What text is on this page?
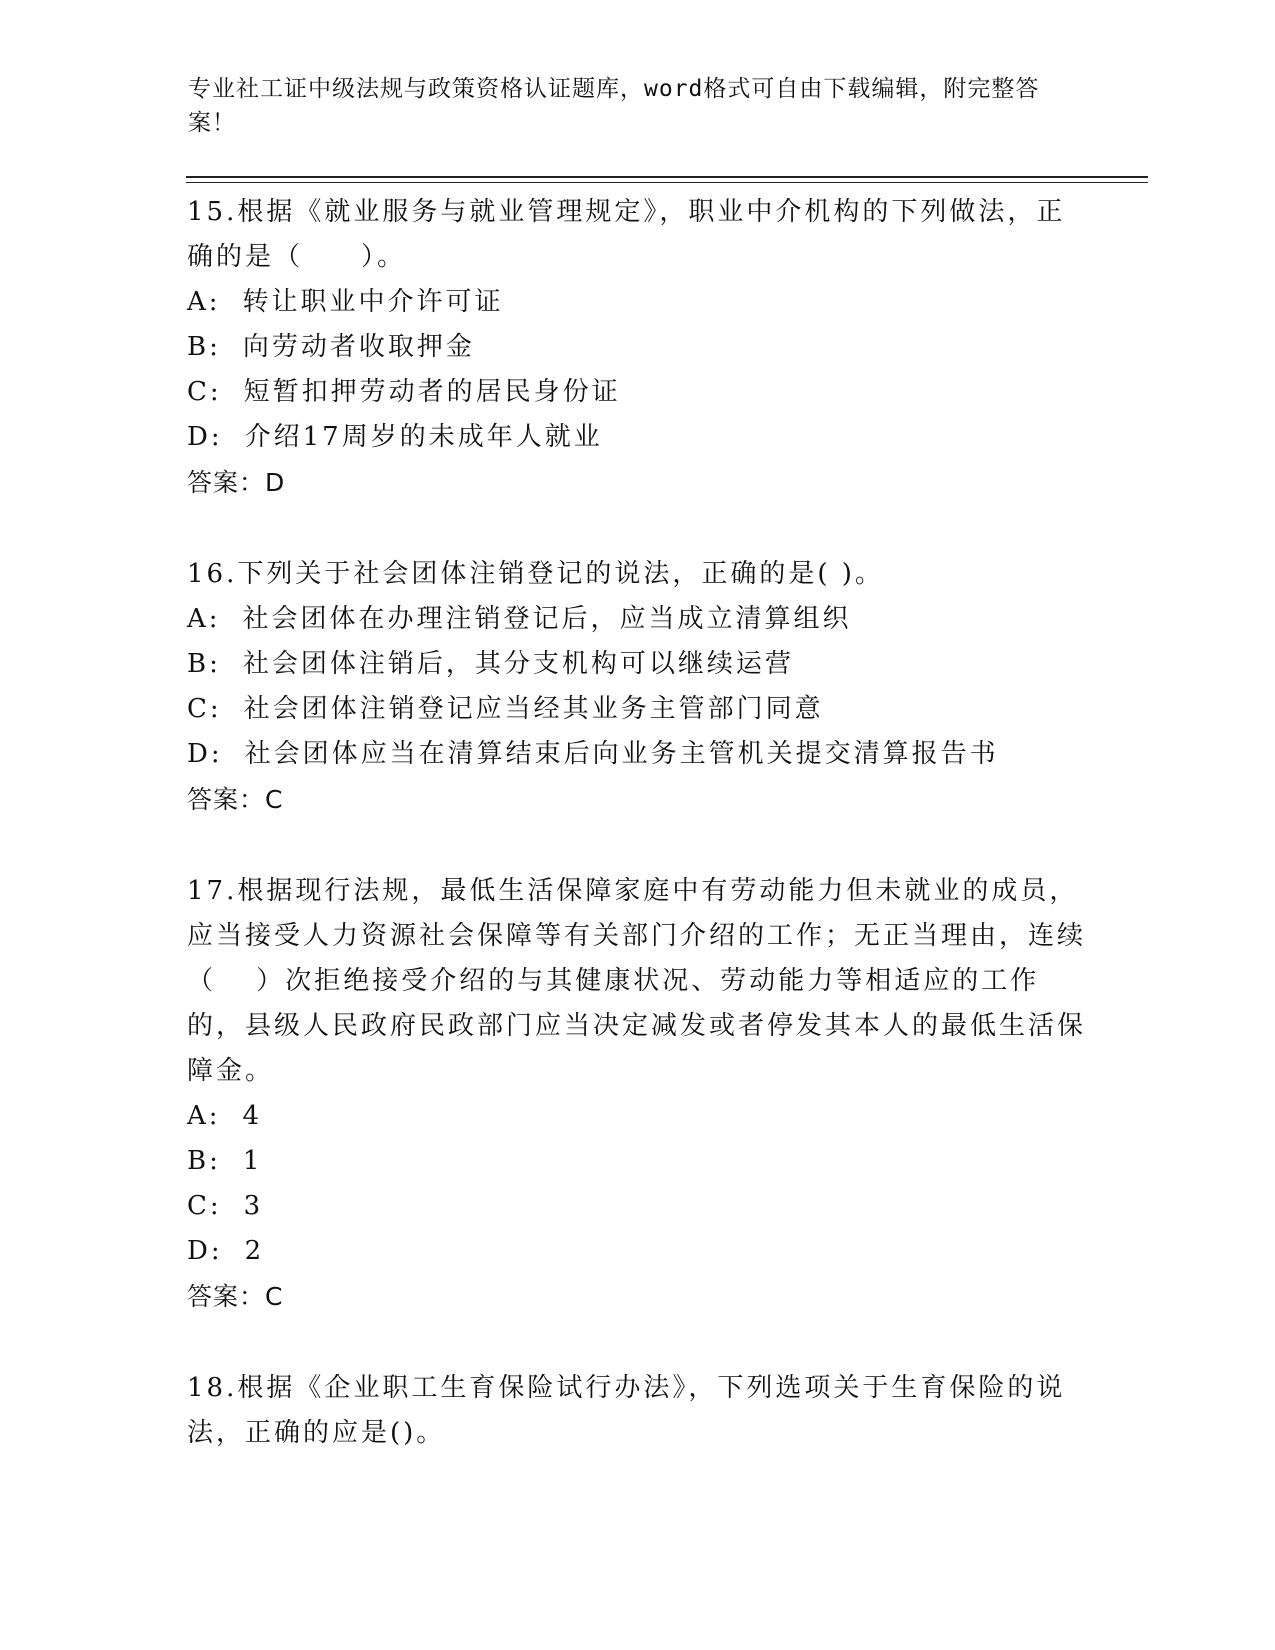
专业社工证中级法规与政策资格认证题库，word格式可自由下载编辑，附完整答案！
15.根据《就业服务与就业管理规定》，职业中介机构的下列做法，正确的是（　　）。
A: 转让职业中介许可证
B: 向劳动者收取押金
C: 短暂扣押劳动者的居民身份证
D: 介绍17周岁的未成年人就业
答案：D
16.下列关于社会团体注销登记的说法，正确的是( )。
A: 社会团体在办理注销登记后，应当成立清算组织
B: 社会团体注销后，其分支机构可以继续运营
C: 社会团体注销登记应当经其业务主管部门同意
D: 社会团体应当在清算结束后向业务主管机关提交清算报告书
答案：C
17.根据现行法规，最低生活保障家庭中有劳动能力但未就业的成员，应当接受人力资源社会保障等有关部门介绍的工作；无正当理由，连续（　 ）次拒绝接受介绍的与其健康状况、劳动能力等相适应的工作的，县级人民政府民政部门应当决定减发或者停发其本人的最低生活保障金。
A: 4
B: 1
C: 3
D: 2
答案：C
18.根据《企业职工生育保险试行办法》，下列选项关于生育保险的说法，正确的应是()。
